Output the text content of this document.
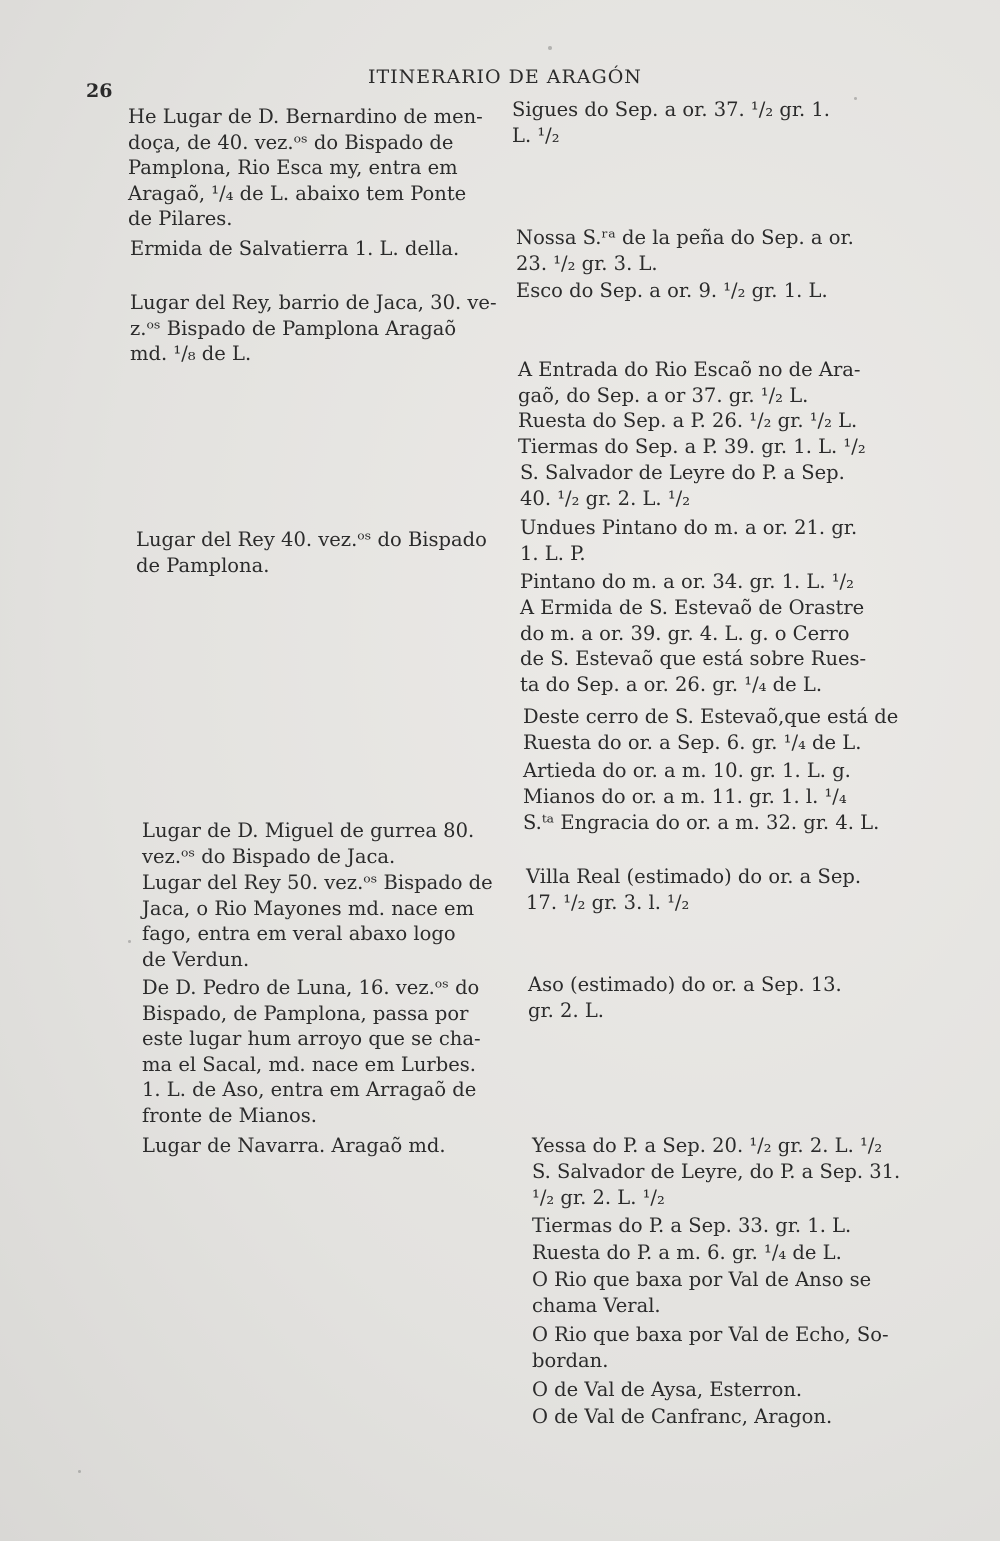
26
ITINERARIO DE ARAGÓN
He Lugar de D. Bernardino de men-
doça, de 40. vez.ᵒˢ do Bispado de
Pamplona, Rio Esca my, entra em
Aragaõ, ¹/₄ de L. abaixo tem Ponte
de Pilares.
Ermida de Salvatierra 1. L. della.
Lugar del Rey, barrio de Jaca, 30. ve-
z.ᵒˢ Bispado de Pamplona Aragaõ
md. ¹/₈ de L.
Lugar del Rey 40. vez.ᵒˢ do Bispado
de Pamplona.
Lugar de D. Miguel de gurrea 80.
vez.ᵒˢ do Bispado de Jaca.
Lugar del Rey 50. vez.ᵒˢ Bispado de
Jaca, o Rio Mayones md. nace em
fago, entra em veral abaxo logo
de Verdun.
De D. Pedro de Luna, 16. vez.ᵒˢ do
Bispado, de Pamplona, passa por
este lugar hum arroyo que se cha-
ma el Sacal, md. nace em Lurbes.
1. L. de Aso, entra em Arragaõ de
fronte de Mianos.
Lugar de Navarra. Aragaõ md.
Sigues do Sep. a or. 37. ¹/₂ gr. 1.
L. ¹/₂
Nossa S.ʳᵃ de la peña do Sep. a or.
23. ¹/₂ gr. 3. L.
Esco do Sep. a or. 9. ¹/₂ gr. 1. L.
A Entrada do Rio Escaõ no de Ara-
gaõ, do Sep. a or 37. gr. ¹/₂ L.
Ruesta do Sep. a P. 26. ¹/₂ gr. ¹/₂ L.
Tiermas do Sep. a P. 39. gr. 1. L. ¹/₂
S. Salvador de Leyre do P. a Sep.
40. ¹/₂ gr. 2. L. ¹/₂
Undues Pintano do m. a or. 21. gr.
1. L. P.
Pintano do m. a or. 34. gr. 1. L. ¹/₂
A Ermida de S. Estevaõ de Orastre
do m. a or. 39. gr. 4. L. g. o Cerro
de S. Estevaõ que está sobre Rues-
ta do Sep. a or. 26. gr. ¹/₄ de L.
Deste cerro de S. Estevaõ,que está de
Ruesta do or. a Sep. 6. gr. ¹/₄ de L.
Artieda do or. a m. 10. gr. 1. L. g.
Mianos do or. a m. 11. gr. 1. l. ¹/₄
S.ᵗᵃ Engracia do or. a m. 32. gr. 4. L.
Villa Real (estimado) do or. a Sep.
17. ¹/₂ gr. 3. l. ¹/₂
Aso (estimado) do or. a Sep. 13.
gr. 2. L.
Yessa do P. a Sep. 20. ¹/₂ gr. 2. L. ¹/₂
S. Salvador de Leyre, do P. a Sep. 31.
¹/₂ gr. 2. L. ¹/₂
Tiermas do P. a Sep. 33. gr. 1. L.
Ruesta do P. a m. 6. gr. ¹/₄ de L.
O Rio que baxa por Val de Anso se
chama Veral.
O Rio que baxa por Val de Echo, So-
bordan.
O de Val de Aysa, Esterron.
O de Val de Canfranc, Aragon.
